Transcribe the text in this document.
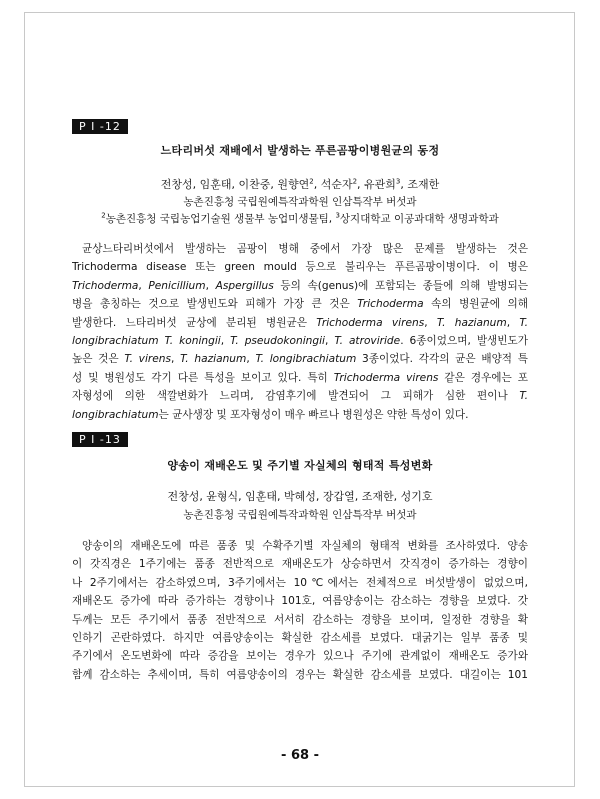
P I -12
느타리버섯 재배에서 발생하는 푸른곰팡이병원균의 동정
전창성, 임훈태, 이찬중, 원향연$^2$, 석순자$^2$, 유관희$^3$, 조재한
농촌진흥청 국립원예특작과학원 인삼특작부 버섯과
$^2$농촌진흥청 국립농업기술원 생물부 농업미생물팀, $^3$상지대학교 이공과대학 생명과학과
균상느타리버섯에서 발생하는 곰팡이 병해 중에서 가장 많은 문제를 발생하는 것은
Trichoderma disease 또는 green mould 등으로 불리우는 푸른곰팡이병이다. 이 병은
Trichoderma, Penicillium, Aspergillus 등의 속(genus)에 포함되는 종들에 의해 발병되는
병을 총칭하는 것으로 발생빈도와 피해가 가장 큰 것은 Trichoderma 속의 병원균에 의해
발생한다. 느타리버섯 균상에 분리된 병원균은 Trichoderma virens, T. hazianum, T.
longibrachiatum T. koningii, T. pseudokoningii, T. atroviride. 6종이었으며, 발생빈도가
높은 것은 T. virens, T. hazianum, T. longibrachiatum 3종이었다. 각각의 균은 배양적 특
성 및 병원성도 각기 다른 특성을 보이고 있다. 특히 Trichoderma virens 같은 경우에는 포
자형성에 의한 색깔변화가 느리며, 감염후기에 발견되어 그 피해가 심한 편이나 T.
longibrachiatum는 균사생장 및 포자형성이 매우 빠르나 병원성은 약한 특성이 있다.
P I -13
양송이 재배온도 및 주기별 자실체의 형태적 특성변화
전창성, 윤형식, 임훈태, 박혜성, 장갑열, 조재한, 성기호
농촌진흥청 국립원예특작과학원 인삼특작부 버섯과
양송이의 재배온도에 따른 품종 및 수확주기별 자실체의 형태적 변화를 조사하였다. 양송
이 갓직경은 1주기에는 품종 전반적으로 재배온도가 상승하면서 갓직경이 증가하는 경향이
나 2주기에서는 감소하였으며, 3주기에서는 10℃에서는 전체적으로 버섯발생이 없었으며,
재배온도 증가에 따라 증가하는 경향이나 101호, 여름양송이는 감소하는 경향을 보였다. 갓
두께는 모든 주기에서 품종 전반적으로 서서히 감소하는 경향을 보이며, 일정한 경향을 확
인하기 곤란하였다. 하지만 여름양송이는 확실한 감소세를 보였다. 대굵기는 일부 품종 및
주기에서 온도변화에 따라 증감을 보이는 경우가 있으나 주기에 관계없이 재배온도 증가와
함께 감소하는 추세이며, 특히 여름양송이의 경우는 확실한 감소세를 보였다. 대길이는 101
- 68 -
